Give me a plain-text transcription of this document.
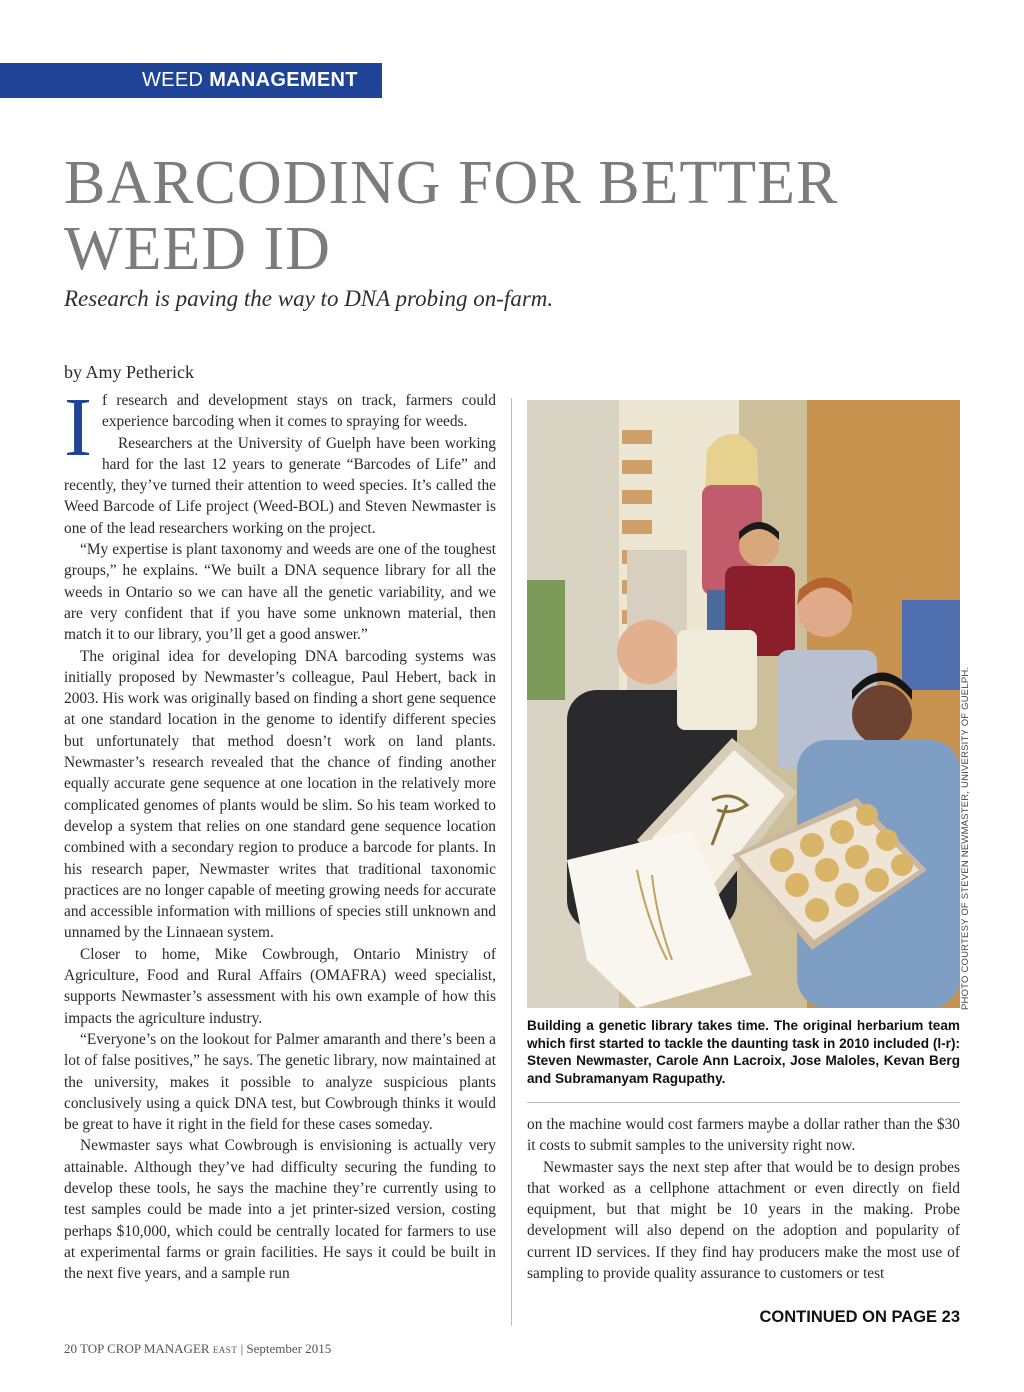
WEED MANAGEMENT
BARCODING FOR BETTER WEED ID

Research is paving the way to DNA probing on-farm.

by Amy Petherick

If research and development stays on track, farmers could experience barcoding when it comes to spraying for weeds.

Researchers at the University of Guelph have been working hard for the last 12 years to generate “Barcodes of Life” and recently, they’ve turned their attention to weed species. It’s called the Weed Barcode of Life project (Weed-BOL) and Steven Newmaster is one of the lead researchers working on the project.

“My expertise is plant taxonomy and weeds are one of the toughest groups,” he explains. “We built a DNA sequence library for all the weeds in Ontario so we can have all the genetic variability, and we are very confident that if you have some unknown material, then match it to our library, you’ll get a good answer.”

The original idea for developing DNA barcoding systems was initially proposed by Newmaster’s colleague, Paul Hebert, back in 2003. His work was originally based on finding a short gene sequence at one standard location in the genome to identify different species but unfortunately that method doesn’t work on land plants. Newmaster’s research revealed that the chance of finding another equally accurate gene sequence at one location in the relatively more complicated genomes of plants would be slim. So his team worked to develop a system that relies on one standard gene sequence location combined with a secondary region to produce a barcode for plants. In his research paper, Newmaster writes that traditional taxonomic practices are no longer capable of meeting growing needs for accurate and accessible information with millions of species still unknown and unnamed by the Linnaean system.

Closer to home, Mike Cowbrough, Ontario Ministry of Agriculture, Food and Rural Affairs (OMAFRA) weed specialist, supports Newmaster’s assessment with his own example of how this impacts the agriculture industry.

“Everyone’s on the lookout for Palmer amaranth and there’s been a lot of false positives,” he says. The genetic library, now maintained at the university, makes it possible to analyze suspicious plants conclusively using a quick DNA test, but Cowbrough thinks it would be great to have it right in the field for these cases someday.

Newmaster says what Cowbrough is envisioning is actually very attainable. Although they’ve had difficulty securing the funding to develop these tools, he says the machine they’re currently using to test samples could be made into a jet printer-sized version, costing perhaps $10,000, which could be centrally located for farmers to use at experimental farms or grain facilities. He says it could be built in the next five years, and a sample run

PHOTO COURTESY OF STEVEN NEWMASTER, UNIVERSITY OF GUELPH.

Building a genetic library takes time. The original herbarium team which first started to tackle the daunting task in 2010 included (l-r): Steven Newmaster, Carole Ann Lacroix, Jose Maloles, Kevan Berg and Subramanyam Ragupathy.

on the machine would cost farmers maybe a dollar rather than the $30 it costs to submit samples to the university right now.

Newmaster says the next step after that would be to design probes that worked as a cellphone attachment or even directly on field equipment, but that might be 10 years in the making. Probe development will also depend on the adoption and popularity of current ID services. If they find hay producers make the most use of sampling to provide quality assurance to customers or test

CONTINUED ON PAGE 23
20 TOP CROP MANAGER EAST | September 2015
